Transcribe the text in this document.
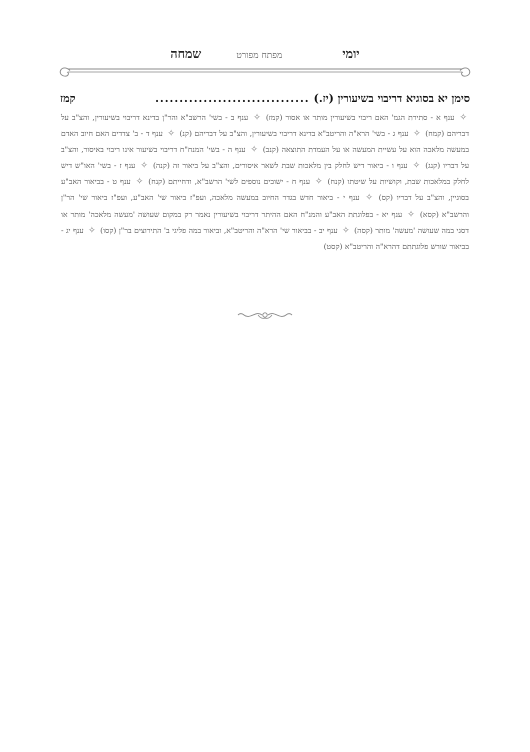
יומי מפתח מפורט שמחה
סימן יא בסוגיא דריבוי בשיעורין (יז.)
................................
קמז
✧ ענף א - סתירת הגמ' האם ריבוי בשיעורין מותר או אסור (קמז) ✧ ענף ב - בשי' הרשב"א והר"ן בדינא דריבוי בשיעורין, והצ"ב על דבריהם (קמח) ✧ ענף ג - בשי' הרא"ה והריטב"א בדינא דריבוי בשיעורין, והצ"ב על דבריהם (קנ) ✧ ענף ד - ב' צדדים האם חיוב האדם במעשה מלאכה הוא על עשיית המעשה או על העמדת התוצאה (קנב) ✧ ענף ה - בשי' המנח"ח דריבוי בשיעור אינו ריבוי באיסור, והצ"ב על דבריו (קנג) ✧ ענף ו - ביאור דיש לחלק בין מלאכות שבת לשאר איסורים, והצ"ב על ביאור זה (קנה) ✧ ענף ז - בשי' האו"ש דיש לחלק במלאכות שבת, וקושיות על שיטתו (קנח) ✧ ענף ח - ישובים נוספים לשי' הרשב"א, ודחייתם (קנח) ✧ ענף ט - בביאור האב"ע בסוגיין, והצ"ב על דבריו (קס) ✧ ענף י - ביאור חדש בגדר החיוב במעשה מלאכה, ועפ"ז ביאור שי' האב"ע, ועפ"ז ביאור שי' הר"ן והרשב"א (קסא) ✧ ענף יא - בפלוגתת האב"ע והמנ"ח האם ההיתר דריבוי בשיעורין נאמר רק במקום שעושה 'מעשה מלאכה' מותר או דסגי במה שעושה 'מעשה' מותר (קסה) ✧ ענף יב - בביאור שי' הרא"ה והריטב"א, וביאור במה פליגי ב' התירוצים בר"ן (קסו) ✧ ענף יג - בביאור שורש פלוגתתם דהרא"ה והריטב"א (קסט)
